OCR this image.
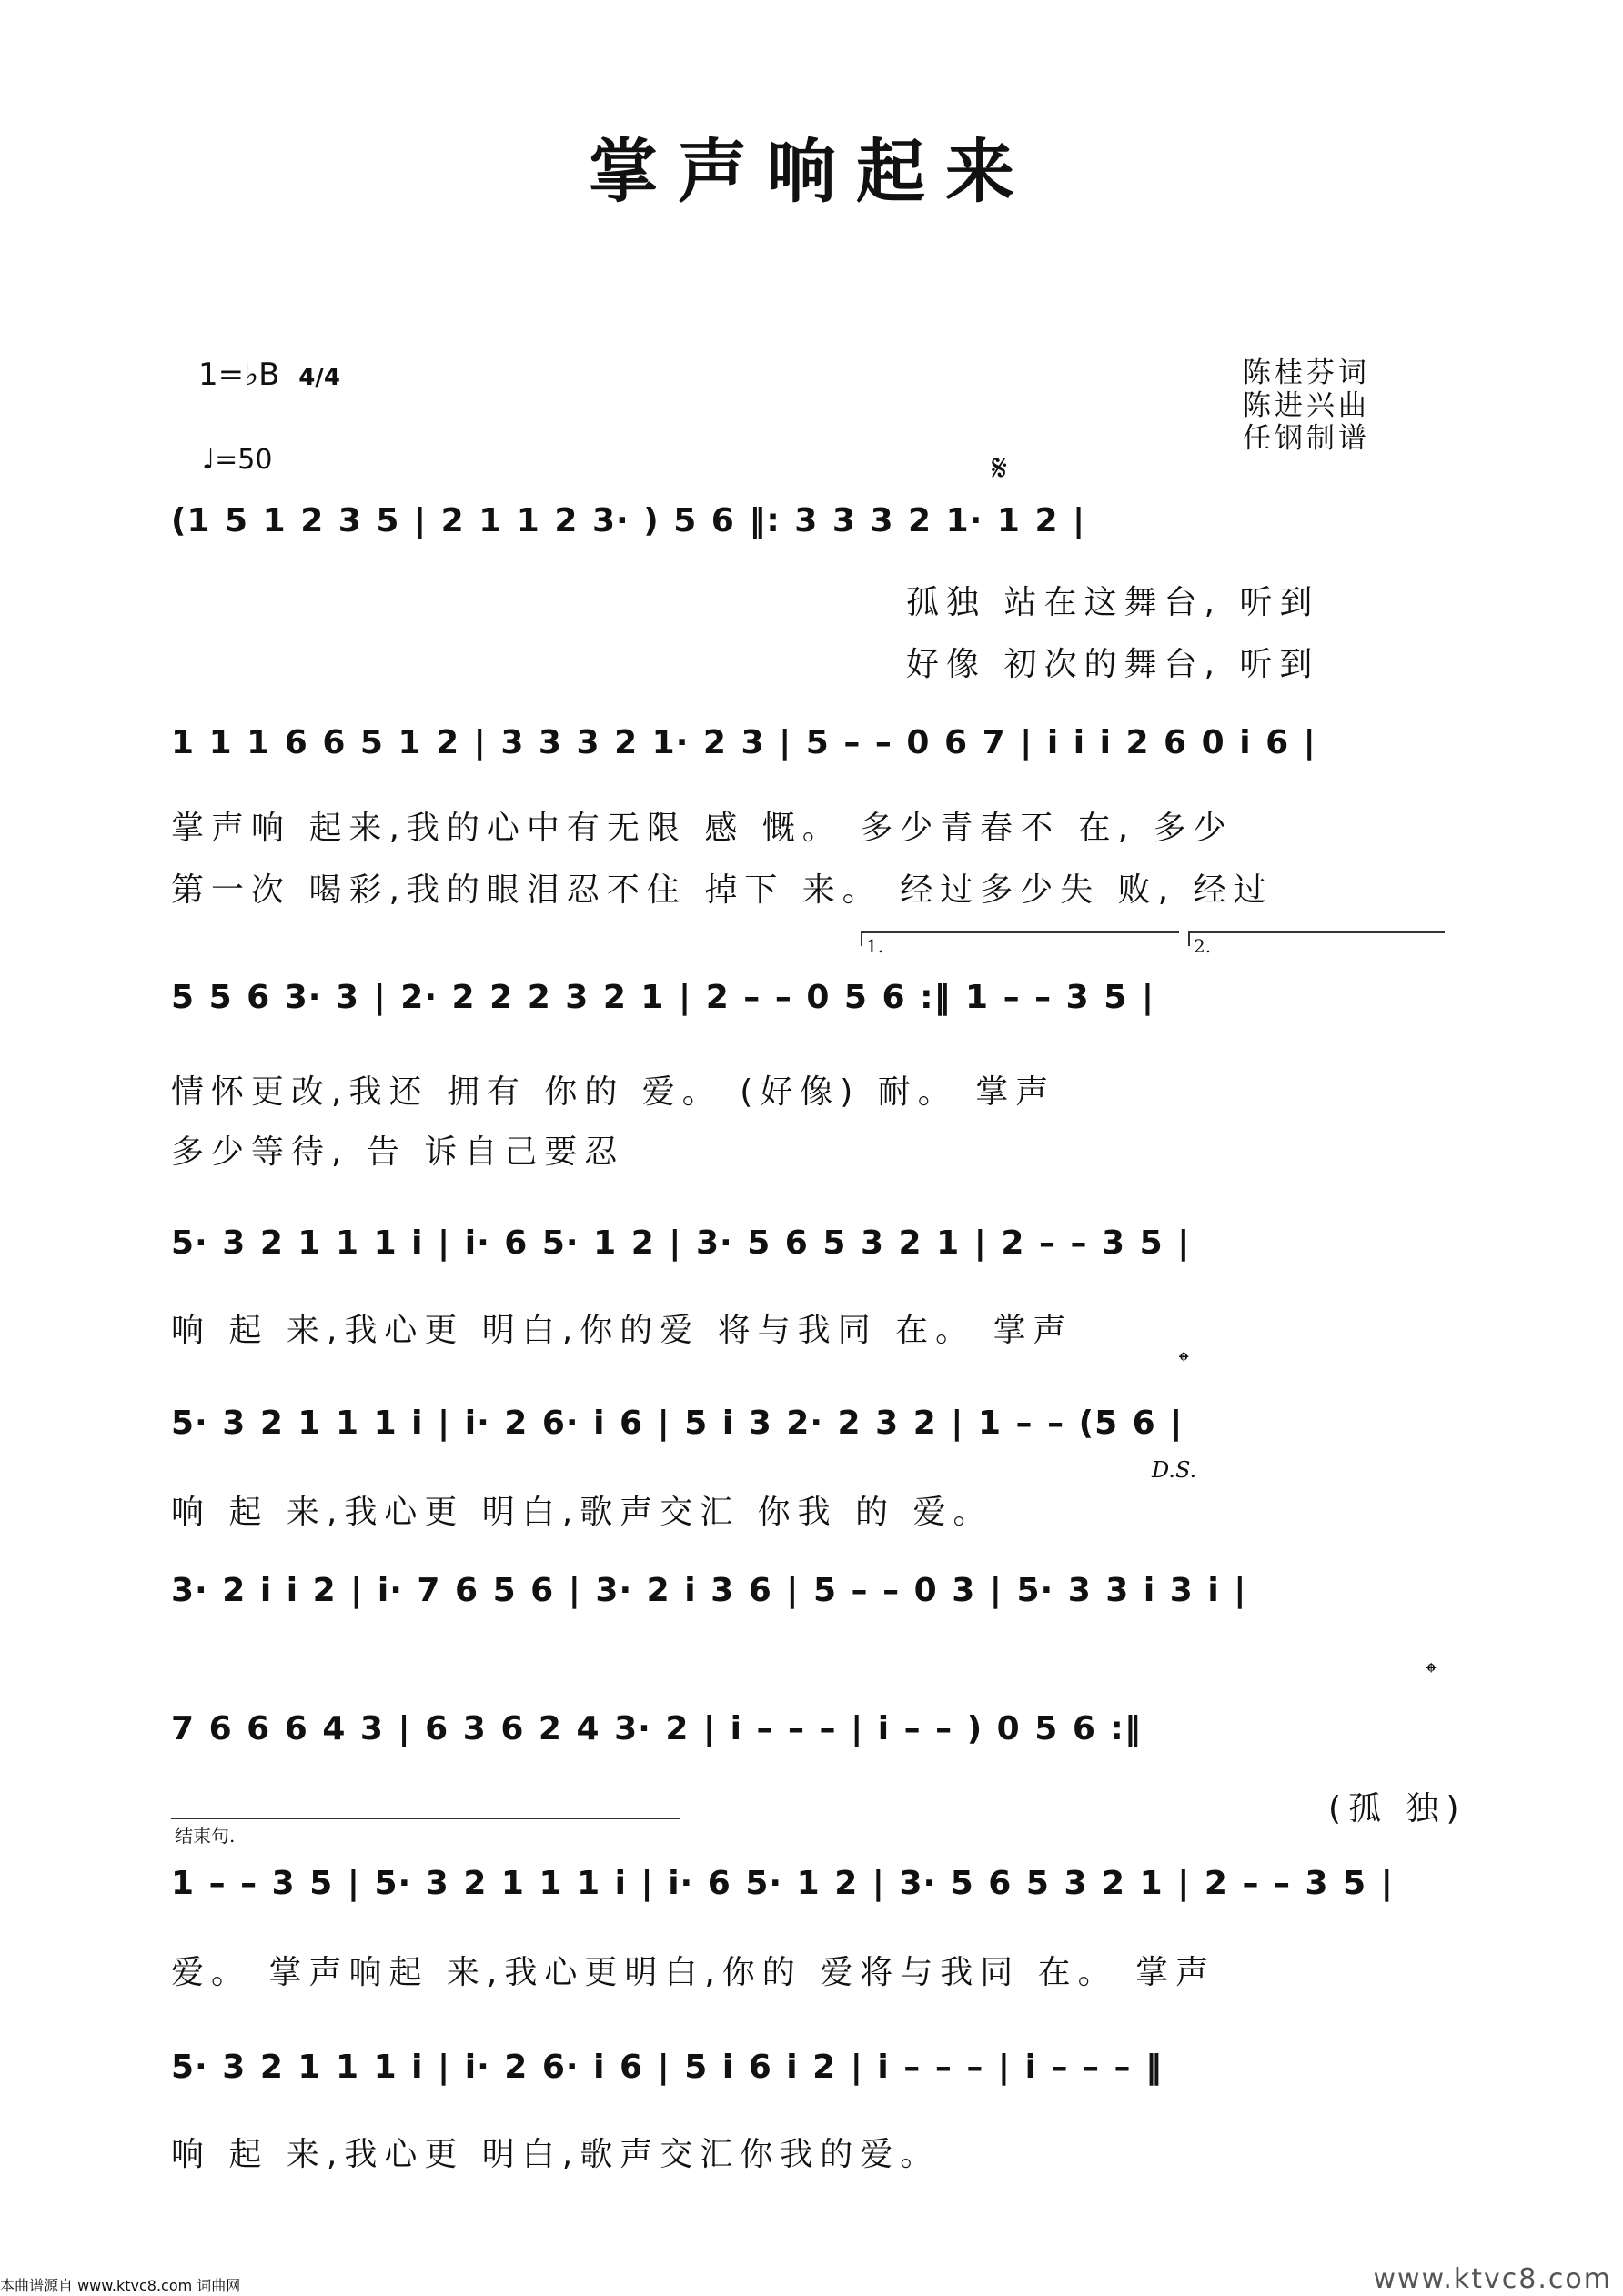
掌声响起来
1=♭B 4/4
♩=50
陈桂芬词
陈进兴曲
任钢制谱
𝄋
(1 5 1 2 3 5 | 2 1 1 2 3· ) 5 6 ‖: 3 3 3 2 1· 1 2 |
孤独 站在这舞台, 听到
好像 初次的舞台, 听到
1 1 1 6 6 5 1 2 | 3 3 3 2 1· 2 3 | 5 – – 0 6 7 | i i i 2 6 0 i 6 |
掌声响 起来,我的心中有无限 感 慨。 多少青春不 在, 多少
第一次 喝彩,我的眼泪忍不住 掉下 来。 经过多少失 败, 经过
1.	2.
5 5 6 3· 3 | 2· 2 2 2 3 2 1 | 2 – – 0 5 6 :‖ 1 – – 3 5 |
情怀更改,我还 拥有 你的 爱。 (好像) 耐。 掌声
多少等待, 告 诉自己要忍
5· 3 2 1 1 1 i | i· 6 5· 1 2 | 3· 5 6 5 3 2 1 | 2 – – 3 5 |
响 起 来,我心更 明白,你的爱 将与我同 在。 掌声
𝄌
5· 3 2 1 1 1 i | i· 2 6· i 6 | 5 i 3 2· 2 3 2 | 1 – – (5 6 |
D.S.
响 起 来,我心更 明白,歌声交汇 你我 的 爱。
3· 2 i i 2 | i· 7 6 5 6 | 3· 2 i 3 6 | 5 – – 0 3 | 5· 3 3 i 3 i |
𝄌
7 6 6 6 4 3 | 6 3 6 2 4 3· 2 | i – – – | i – – ) 0 5 6 :‖
(孤 独)
结束句.
1 – – 3 5 | 5· 3 2 1 1 1 i | i· 6 5· 1 2 | 3· 5 6 5 3 2 1 | 2 – – 3 5 |
爱。 掌声响起 来,我心更明白,你的 爱将与我同 在。 掌声
5· 3 2 1 1 1 i | i· 2 6· i 6 | 5 i 6 i 2 | i – – – | i – – – ‖
响 起 来,我心更 明白,歌声交汇你我的爱。
本曲谱源自 www.ktvc8.com 词曲网	www.ktvc8.com
